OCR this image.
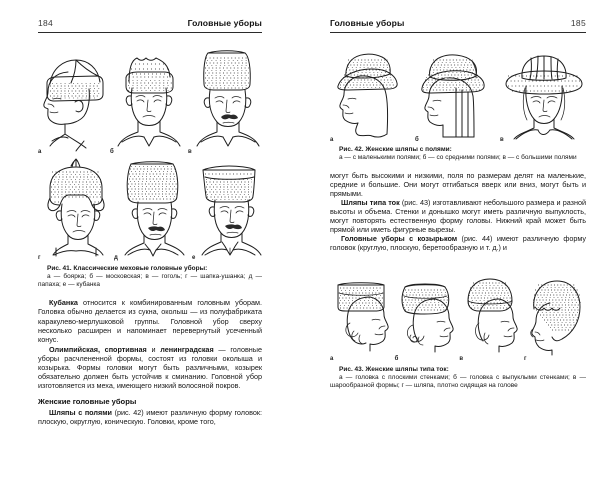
184	Головные уборы
а	б	в
г	д	е
Рис. 41. Классические меховые головные уборы:
а — боярка; б — московская; в — гоголь; г — шапка-ушанка; д — папаха; е — кубанка

Кубанка относится к комбинированным головным уборам. Головка обычно делается из сукна, околыш — из полуфабриката каракулево-мерлушковой группы. Головной убор сверху несколько расширен и напоминает перевернутый усеченный конус.

Олимпийская, спортивная и ленинградская — головные уборы расчлененной формы, состоят из головки околыша и козырька. Формы головки могут быть различными, козырек обязательно должен быть устойчив к сминанию. Головной убор изготовляется из меха, имеющего низкий волосяной покров.

Женские головные уборы

Шляпы с полями (рис. 42) имеют различную форму головок: плоскую, округлую, коническую. Головки, кроме того,

Головные уборы	185
а	б	в
Рис. 42. Женские шляпы с полями:
а — с маленькими полями; б — со средними полями; в — с большими полями

могут быть высокими и низкими, поля по размерам делят на маленькие, средние и большие. Они могут отгибаться вверх или вниз, могут быть и прямыми.

Шляпы типа ток (рис. 43) изготавливают небольшого размера и разной высоты и объема. Стенки и донышко могут иметь различную выпуклость, могут повторять естественную форму головы. Нижний край может быть прямой или иметь фигурные вырезы.

Головные уборы с козырьком (рис. 44) имеют различную форму головок (круглую, плоскую, беретообразную и т. д.) и

а	б	в	г
Рис. 43. Женские шляпы типа ток:
а — головка с плоскими стенками; б — головка с выпуклыми стенками; в — шарообразной формы; г — шляпа, плотно сидящая на голове
